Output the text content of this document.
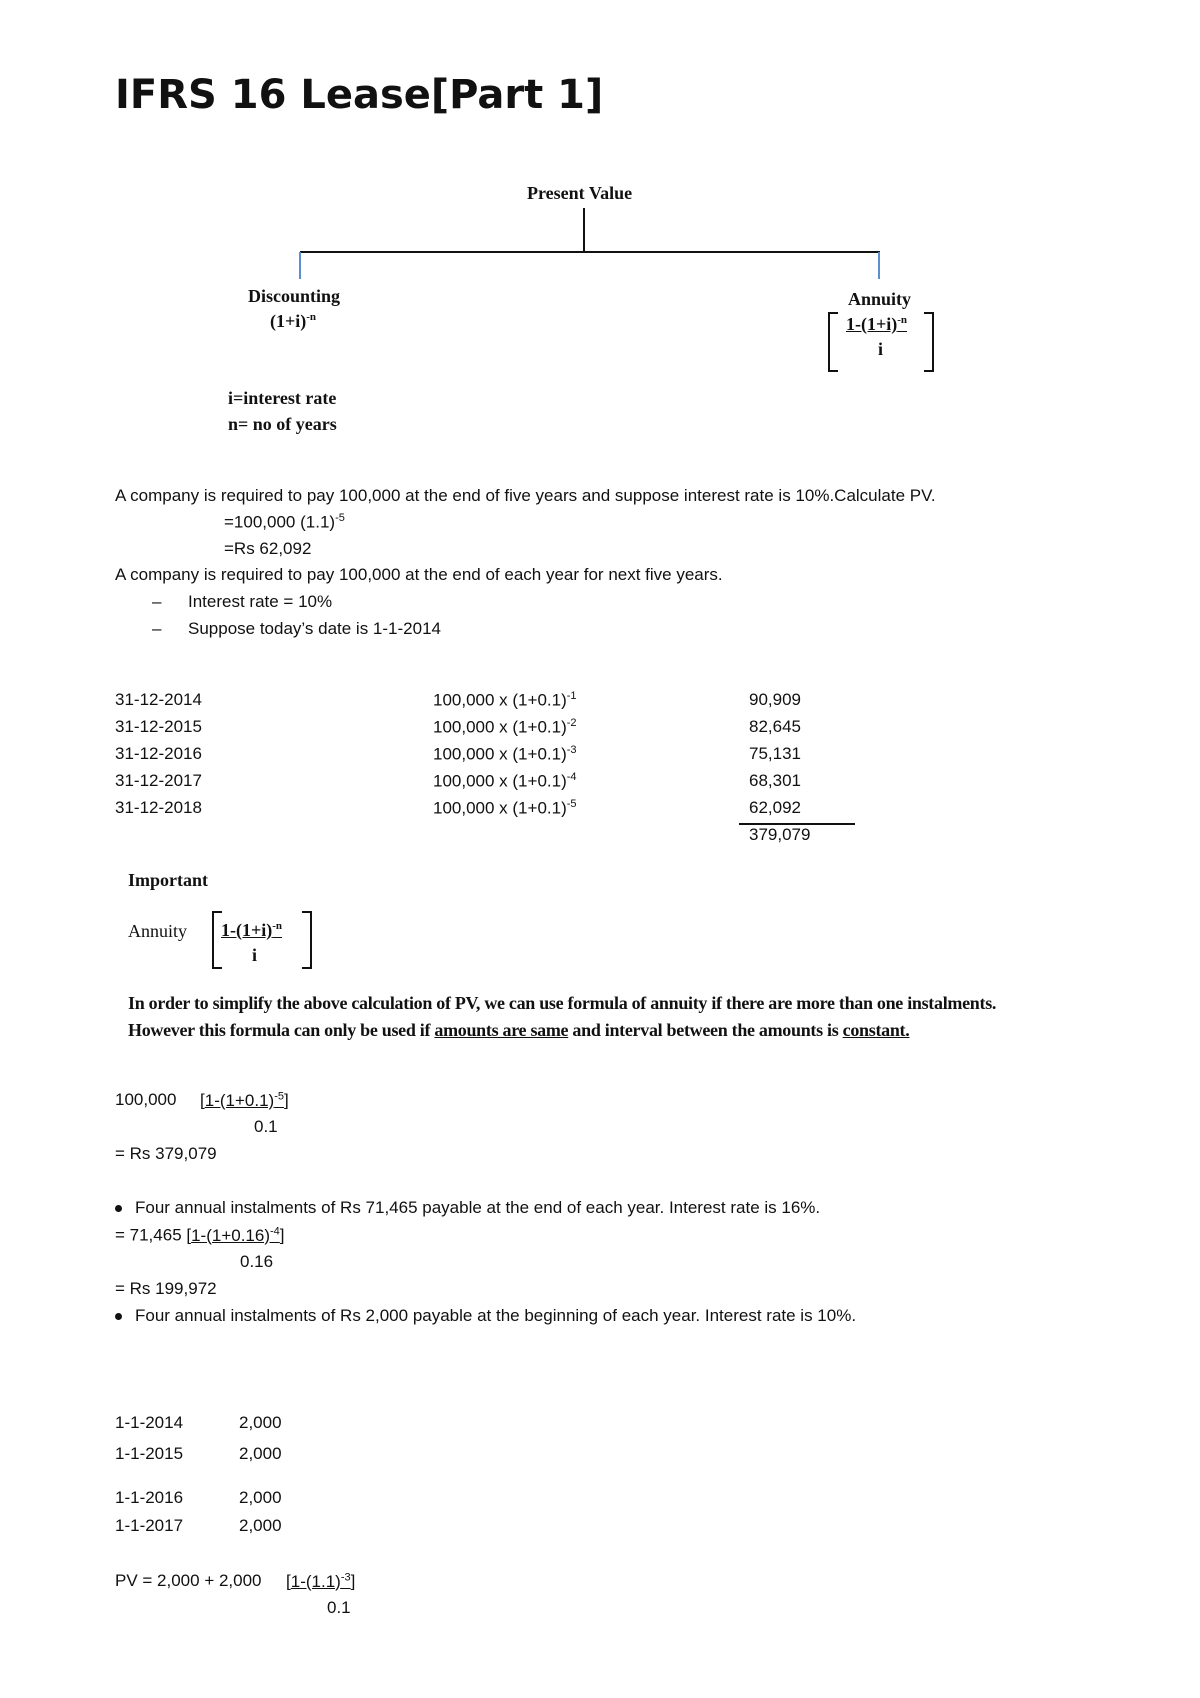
IFRS 16 Lease[Part 1]
Present Value
Discounting
$(1+i)^{-n}$
Annuity
$1-(1+i)^{-n}$
i
i=interest rate
n= no of years
A company is required to pay 100,000 at the end of five years and suppose interest rate is 10%.Calculate PV.
=100,000 $(1.1)^{-5}$
=Rs 62,092
A company is required to pay 100,000 at the end of each year for next five years.
– Interest rate = 10%
– Suppose today’s date is 1-1-2014
31-12-2014	100,000 x $(1+0.1)^{-1}$	90,909
31-12-2015	100,000 x $(1+0.1)^{-2}$	82,645
31-12-2016	100,000 x $(1+0.1)^{-3}$	75,131
31-12-2017	100,000 x $(1+0.1)^{-4}$	68,301
31-12-2018	100,000 x $(1+0.1)^{-5}$	62,092
379,079
Important
Annuity $1-(1+i)^{-n}$
i
In order to simplify the above calculation of PV, we can use formula of annuity if there are more than one instalments. However this formula can only be used if amounts are same and interval between the amounts is constant.
100,000 $[1-(1+0.1)^{-5}]$
0.1
= Rs 379,079
Four annual instalments of Rs 71,465 payable at the end of each year. Interest rate is 16%.
= 71,465 $[1-(1+0.16)^{-4}]$
0.16
= Rs 199,972
Four annual instalments of Rs 2,000 payable at the beginning of each year. Interest rate is 10%.
1-1-2014	2,000
1-1-2015	2,000
1-1-2016	2,000
1-1-2017	2,000
PV = 2,000 + 2,000 $[1-(1.1)^{-3}]$
0.1
